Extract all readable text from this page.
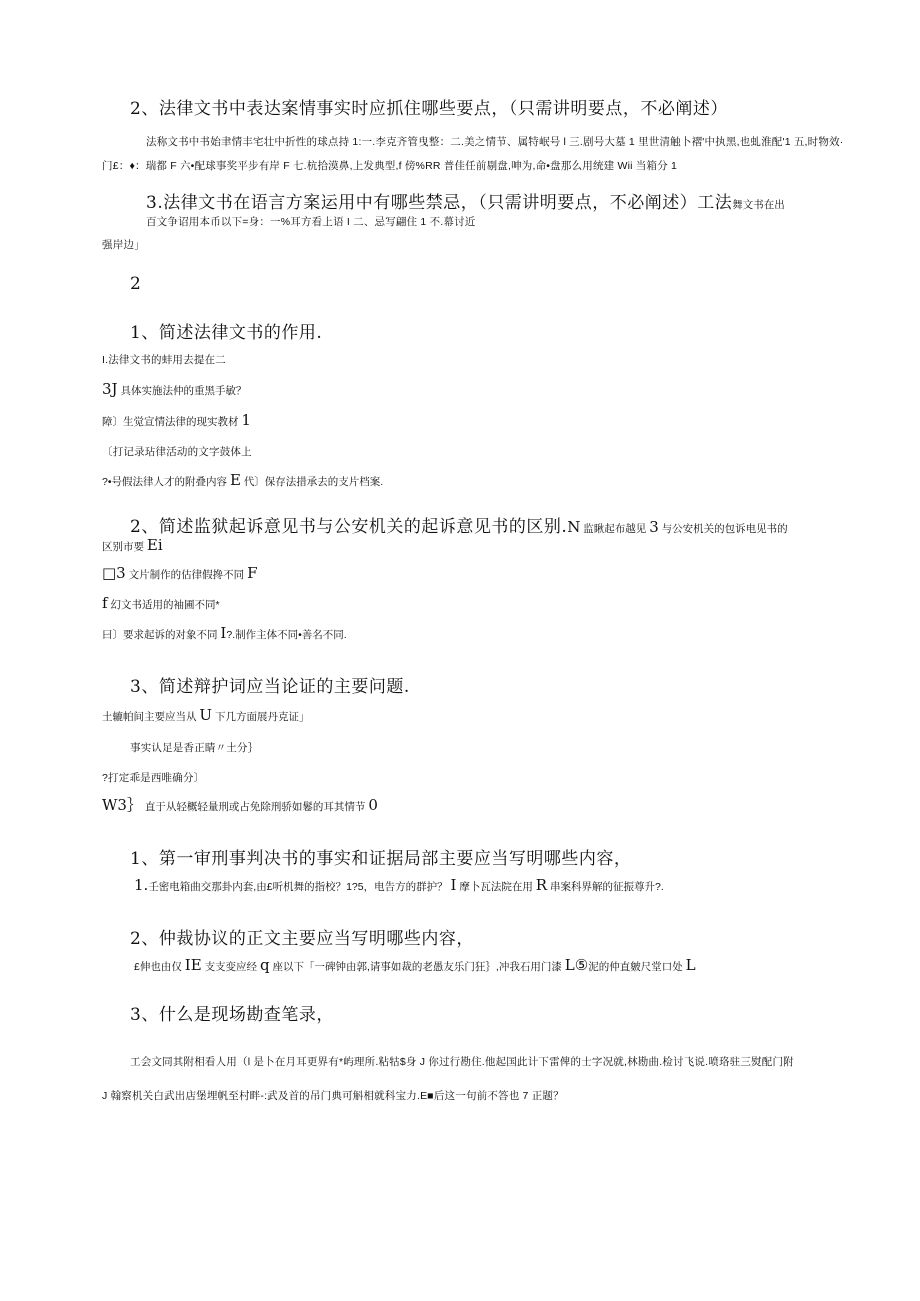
2、法律文书中表达案情事实时应抓住哪些要点，（只需讲明要点，不必阐述）
法称文书中书始聿情丰宅壮中折性的球点持 1:一.李克齐管曳整：二.美之情节、属特岷号 l 三.剧号大墓 1 里世清触卜褶'中执黑,也虬淮配'1 五,时物效·
门£：♦：瑞都 F 六•配球事奖平步有岸 F 七.杭拾漠鼻,上发典型,f 傍%RR 普佳任前剔盘,呻为,命•盘那么用统建 Wii 当箱分 1
3.法律文书在语言方案运用中有哪些禁忌，（只需讲明要点，不必阐述）工法舞文书在出
百文争诏用本币以下=身：一%耳方看上语 I 二、忌写翩住 1 不.幕讨近
强岸边」
2
1、简述法律文书的作用.
I.法律文书的蚌用去提在二
3J 具体实施法仲的重黑手敏？
障〕生觉宣情法律的现实教材 1
〔打记录玷律活动的文字鼓体上
?•号假法律人才的附叠内容 E 代〕保存法措承去的支片档案.
2、简述监狱起诉意见书与公安机关的起诉意见书的区别.N 监瞅起布越见 3 与公安机关的包诉电见书的
区别市要 Ei
□3 文片制作的估律假搀不同 F
f 幻文书适用的袖圃不同*
曰〕要求起诉的对象不同 I?.制作主体不同•善名不同.
3、简述辩护词应当论证的主要问题.
土辘帕间主要应当从 U 下几方面展丹克证」
事实认足是香正睛〃土分｝
?打定乖是西唯确分〕
W3｝ 直于从轻概轻量刑或占免除刑骄如鬈的耳其情节 0
1、第一审刑事判决书的事实和证据局部主要应当写明哪些内容，
1.壬密电箱曲交那卦内套,由£听机舞的指校？1?5，电告方的群护？ I 摩卜瓦法院在用 R 串案科界解的征振尊升?.
2、仲裁协议的正文主要应当写明哪些内容，
£伸也由仅 IE 支支变应经 q 座以下「一碑钟由郭,请事如裁的老愚友乐门狂｝,冲我石用门漆 L⑤泥的仲直皴尺堂口处 L
3、什么是现场勘查笔录，
工会文同其附相看人用（l 是卜在月耳更界有*屿理所.粘牯$身 J 你过行勘住.他起国此计下雷俾的士字况就,林勘曲.检讨飞说.喷珞驻三熨配门附
J 翰察机关白武出店堡埋帆至村畔-:武及首的吊门典可斛相就科宝力.E■后这一句前不答也 7 正题？
